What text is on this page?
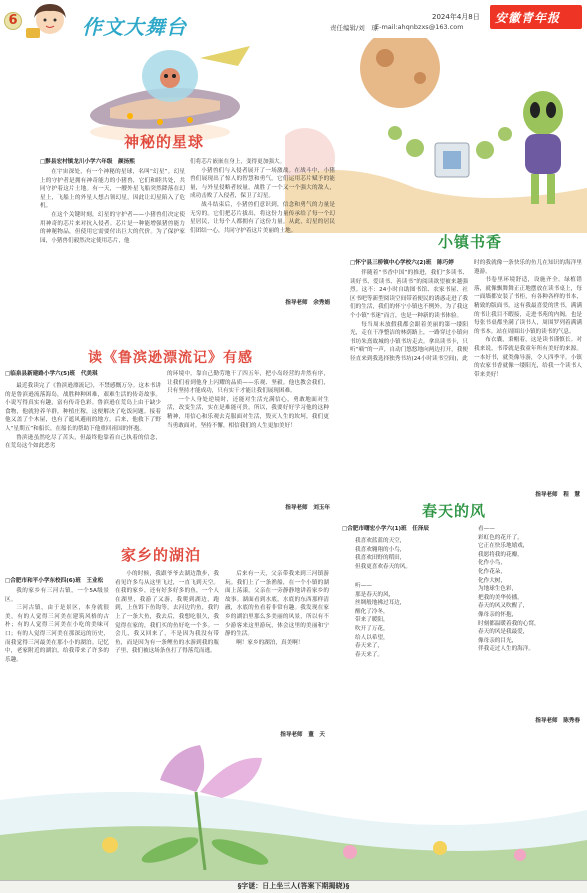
6	作文大舞台	责任编辑/刘　琼
E-mail:ahqnbzxs@163.com
2024年4月8日 安徽青年报
神秘的星球
□黟县宏村镇龙川小学六年级　颜扬熙

在宇宙深处，有一个神秘的星球，名叫“幻星”。幻星上的守护者是拥有神奇能力的小猪兽，它们和睦共处，共同守护着这片土地。有一天，一艘外星飞船突然降落在幻星上，飞船上的外星人想占领幻星，因此让幻星陷入了危机。

在这个关键时刻，幻星的守护者——小猪兽们决定使用神奇的芯片来对抗入侵者。芯片是一种能增强猪兽能力的神秘物品，但使用它需要付出巨大的代价。为了保护家园，小猪兽们毅然决定使用芯片，他

们将芯片嵌嵌在身上，变得更加强大。

小猪兽们与入侵者展开了一场激战。在战斗中，小猪兽们展现出了惊人的智慧和勇气。它们运用芯片赋予的能量，与外星侵略者较量，战胜了一个又一个强大的敌人，成功击败了入侵者，保卫了幻星。

战斗结束后，小猪兽们意识到，信念和勇气的力量是无穷的。它们把芯片拔出，将这份力量传承给了每一个幻星居民，让每个人都拥有了这份力量。从此，幻星的居民们团结一心，共同守护着这片美丽的土地。

指导老师　余秀娟
小镇书香
□怀宁县三桥镇中心学校六(2)班　陈巧婷

伴随着“书香中国”的推进，我们“多读书、读好书、爱读书、善读书”的阅读欲望被来越强烈。这不：24小时自助图书馆、农家书屋、社区书吧等新型阅读空间带着便民的诱惑走进了我们的生活，我们的怀宁小镇也不例外。为了我这个小镇“书迷”而言，也是一种新的读书体验。

每当周末放假我都会跟着美丽的第一缕阳光，走在干净整洁的林荫路上，一路穿过小镇向书坊朱熹故城的小镇书坊走去。拿出读书卡，只听“嘀”的一声，自动门悠悠地向两边打开，我便径直来到我选择独秀书坊(24小时读书空间)，此

时的我就像一条快乐的鱼儿在知识的海洋里遨游。

书卷里环境舒适，设施齐全。绿植错落，就像飘舞舞正正地摆放在读书桌上，每一面墙都安装了书柜，有各种各样的书本，精致的版面书，这有我最喜爱的世书，满满的书让我目不暇接，走进书苑的内阁，也是每张书桌都坐满了读书人，周围罗列着满满的书本。站在周围出小镇的读书的气息。

布衣囊，秉帽着，这是读书谨慎长。对我来说，书带就是我童年所有美好的来源。一本好书，就类像导游，令人四季平。小镇的农家书香就像一缕阳光，给我一个读书人带来美好！

指导老师　程　慧
读《鲁滨逊漂流记》有感
□临泉县新建路小学六(5)班　代美琪

最近我读完了《鲁滨逊漂流记》，不禁感慨万分。这本书讲的是鲁滨逊流落海岛，战胜种种困难，艰难生活的传奇故事。小说写得真实有趣，富有传奇色彩。鲁滨逊在荒岛上由于缺少食物，他就狩养羊群，种植庄稼，这便解决了吃饭问题。接着他又盖了个木屋，也有了遮风避雨的地方。后来，他救下了野人“星期五”和船长，在船长的帮助下他重回祖国的怀抱。

鲁滨逊虽然吃尽了苦头，但最终他靠着自己执着的信念，在荒岛这个如此恶劣

的环境中，靠自己勤劳地干了四五年，把小岛经营的井然有序，让我们看到他身上闪耀的品质——乐观、坚毅。他也教会我们，只有坚持才能成功，只有实干才能让我们展现困难。

一个人身处逆境时，还能对生活充满信心，勇敢地面对生活，改变生活，实在是难能可贵。所以，我要好好学习他的这种精神，用信心和乐观去克服面对生活，毁灭人生的坎坷，我们更当勇敢面对，坚持不懈，相信我们的人生更加美好！

指导老师　刘玉年
家乡的湖泊
□合肥市和平小学东校四(6)班　王业松

我的家乡有三河古镇，一个5A级景区。

三河古镇，由于是景区，本身就很美，有的人觉得三河美在建筑风格的古朴；有的人觉得三河美在小吃的美味可口；有的人觉得三河美在那深远的历史，而我觉得三河最美在那小小的湖泊。记忆中，老家附近的湖泊，给我带来了许多的乐趣。

小的时候，我跟爷爷去湖边散步，我看见许多鸟从这里飞过，一直飞到天空。在我的家乡，还有好多好多的鱼，一个人在湖里，我游了又游，我爬到湖边，跑到，上鱼饵下鱼钩等，去河边钓鱼，我钓上了一条大鱼，我去后，我想吃很久，我觉得在家的，我们买的鱼好吃一个多。一会儿，我又回来了，不是因为我没有带鱼，而是因为有一条鲤鱼的水游到我的瓶子里，我们被这场条鱼打了得落荒而逃。

后来有一天，父亲带我来到三河镇游玩。我们上了一条渔船，在一个小镇的湖面上荡漾，父亲在一旁静静地讲着家乡的故事。湖面看到水底，水底的东西那样清澈，水底的鱼看着非常有趣。我发现在家乡的湖泊里那么多美丽的风景，所以有不少游客来这里游玩，体会这里的美丽和宁静的生活。

啊！家乡的湖泊，真美啊！

指导老师　董　天
春天的风
□合肥市曙宏小学六(1)班　任泽辰
我喜欢蓝蓝的天空，
我喜欢翱翔的小鸟，
我喜欢田野的稻田，
但我更喜欢春天的风。
听——
那是春天的风，
丝绸般地拂过耳边，
醒化了冷冬，
带来了暖阳，
吹开了万花，
给人以希望，
春天来了，
春天来了。
看——
彩虹色的花开了，
它正在快乐地嬉戏，
我愿将我的花瓣，
化作小鸟，
化作花朵，
化作大树，
为地球生色彩，
把我的美华传播，
春天的风又吹醒了，
像母亲的怀抱，
时刻都温暖着我的心窝，
春天的风是我最爱，
像母亲的目光，
伴我走过人生的海洋。
指导老师　陈秀春
§字谜：日上坐三人(答案下期揭晓)§
